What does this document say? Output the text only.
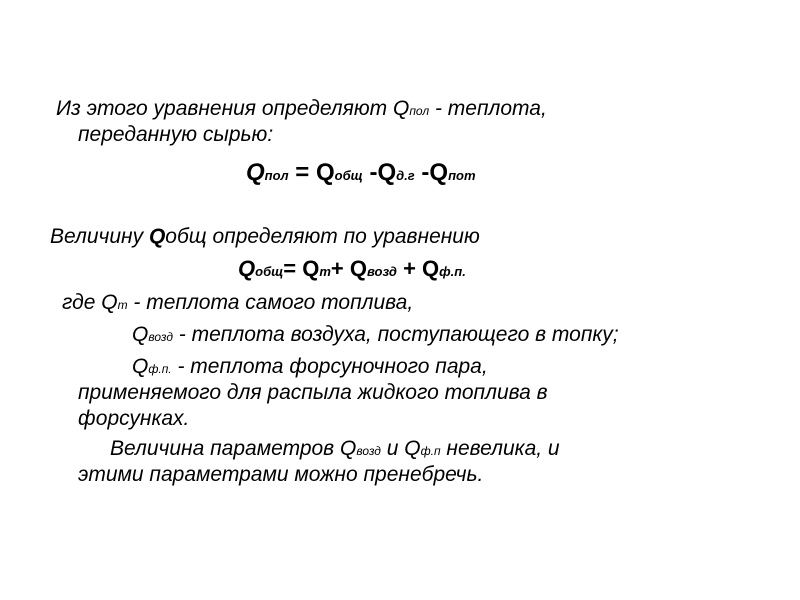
Из этого уравнения определяют Qпол - теплота,
переданную сырью:
Qпол = Qобщ -Qд.г -Qпот
Величину Qобщ определяют по уравнению
Qобщ= Qт+ Qвозд + Qф.п.
где Qт - теплота самого топлива,
Qвозд - теплота воздуха, поступающего в топку;
Qф.п. - теплота форсуночного пара,
применяемого для распыла жидкого топлива в
форсунках.
Величина параметров Qвозд и Qф.п невелика, и
этими параметрами можно пренебречь.
